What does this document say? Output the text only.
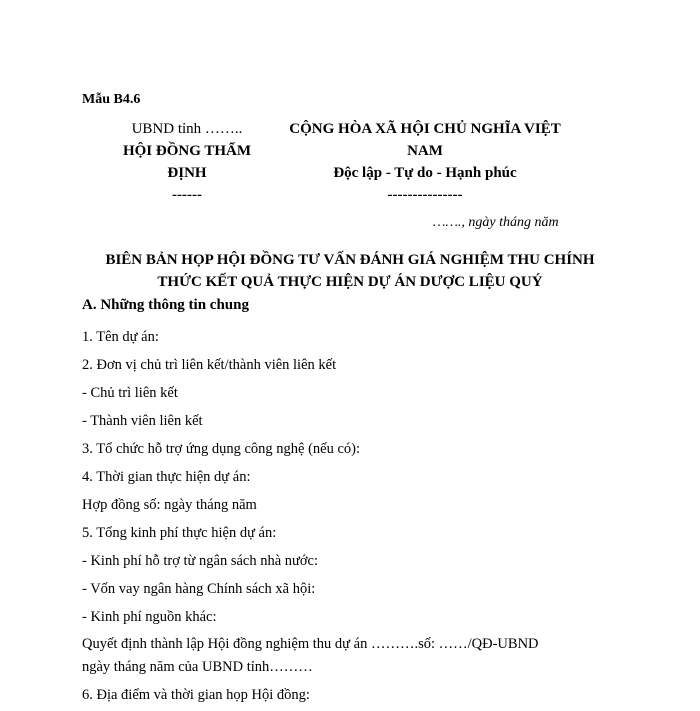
Mẫu B4.6
UBND tỉnh ……..
HỘI ĐỒNG THẨM
ĐỊNH
------
CỘNG HÒA XÃ HỘI CHỦ NGHĨA VIỆT
NAM
Độc lập - Tự do - Hạnh phúc
---------------
……., ngày tháng năm
BIÊN BẢN HỌP HỘI ĐỒNG TƯ VẤN ĐÁNH GIÁ NGHIỆM THU CHÍNH
THỨC KẾT QUẢ THỰC HIỆN DỰ ÁN DƯỢC LIỆU QUÝ
A. Những thông tin chung
1. Tên dự án:
2. Đơn vị chủ trì liên kết/thành viên liên kết
- Chủ trì liên kết
- Thành viên liên kết
3. Tổ chức hỗ trợ ứng dụng công nghệ (nếu có):
4. Thời gian thực hiện dự án:
Hợp đồng số: ngày tháng năm
5. Tổng kinh phí thực hiện dự án:
- Kinh phí hỗ trợ từ ngân sách nhà nước:
- Vốn vay ngân hàng Chính sách xã hội:
- Kinh phí nguồn khác:
Quyết định thành lập Hội đồng nghiệm thu dự án ……….số: ……/QĐ-UBND
ngày tháng năm của UBND tỉnh………
6. Địa điểm và thời gian họp Hội đồng:
